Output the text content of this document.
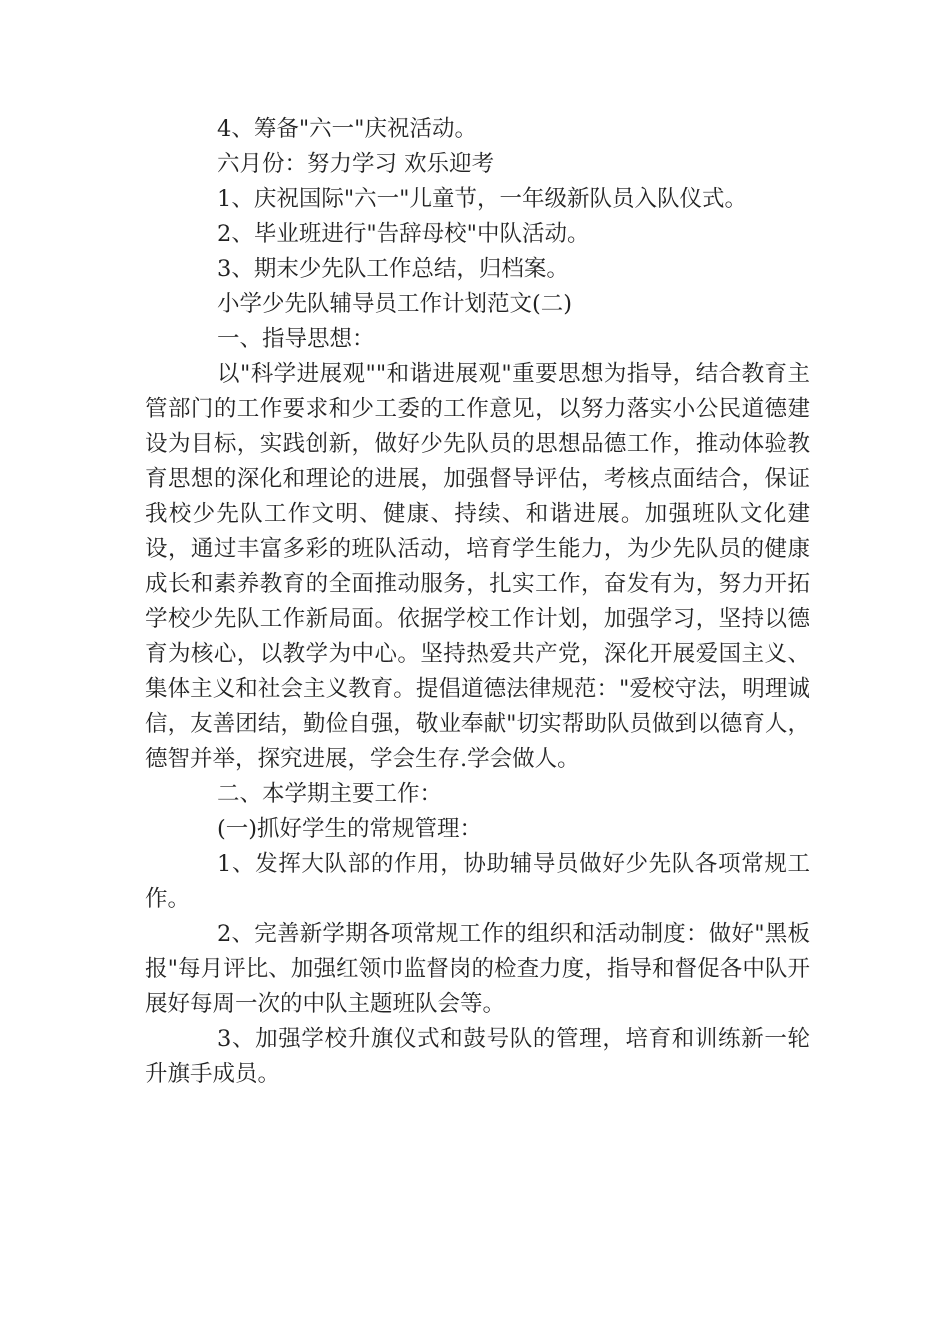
4、筹备"六一"庆祝活动。

六月份：努力学习 欢乐迎考

1、庆祝国际"六一"儿童节，一年级新队员入队仪式。

2、毕业班进行"告辞母校"中队活动。

3、期末少先队工作总结，归档案。

小学少先队辅导员工作计划范文(二)

一、指导思想：

以"科学进展观""和谐进展观"重要思想为指导，结合教育主管部门的工作要求和少工委的工作意见，以努力落实小公民道德建设为目标，实践创新，做好少先队员的思想品德工作，推动体验教育思想的深化和理论的进展，加强督导评估，考核点面结合，保证我校少先队工作文明、健康、持续、和谐进展。加强班队文化建设，通过丰富多彩的班队活动，培育学生能力，为少先队员的健康成长和素养教育的全面推动服务，扎实工作，奋发有为，努力开拓学校少先队工作新局面。依据学校工作计划，加强学习，坚持以德育为核心，以教学为中心。坚持热爱共产党，深化开展爱国主义、集体主义和社会主义教育。提倡道德法律规范："爱校守法，明理诚信，友善团结，勤俭自强，敬业奉献"切实帮助队员做到以德育人，德智并举，探究进展，学会生存.学会做人。

二、本学期主要工作：

(一)抓好学生的常规管理：

1、发挥大队部的作用，协助辅导员做好少先队各项常规工作。

2、完善新学期各项常规工作的组织和活动制度：做好"黑板报"每月评比、加强红领巾监督岗的检查力度，指导和督促各中队开展好每周一次的中队主题班队会等。

3、加强学校升旗仪式和鼓号队的管理，培育和训练新一轮升旗手成员。
